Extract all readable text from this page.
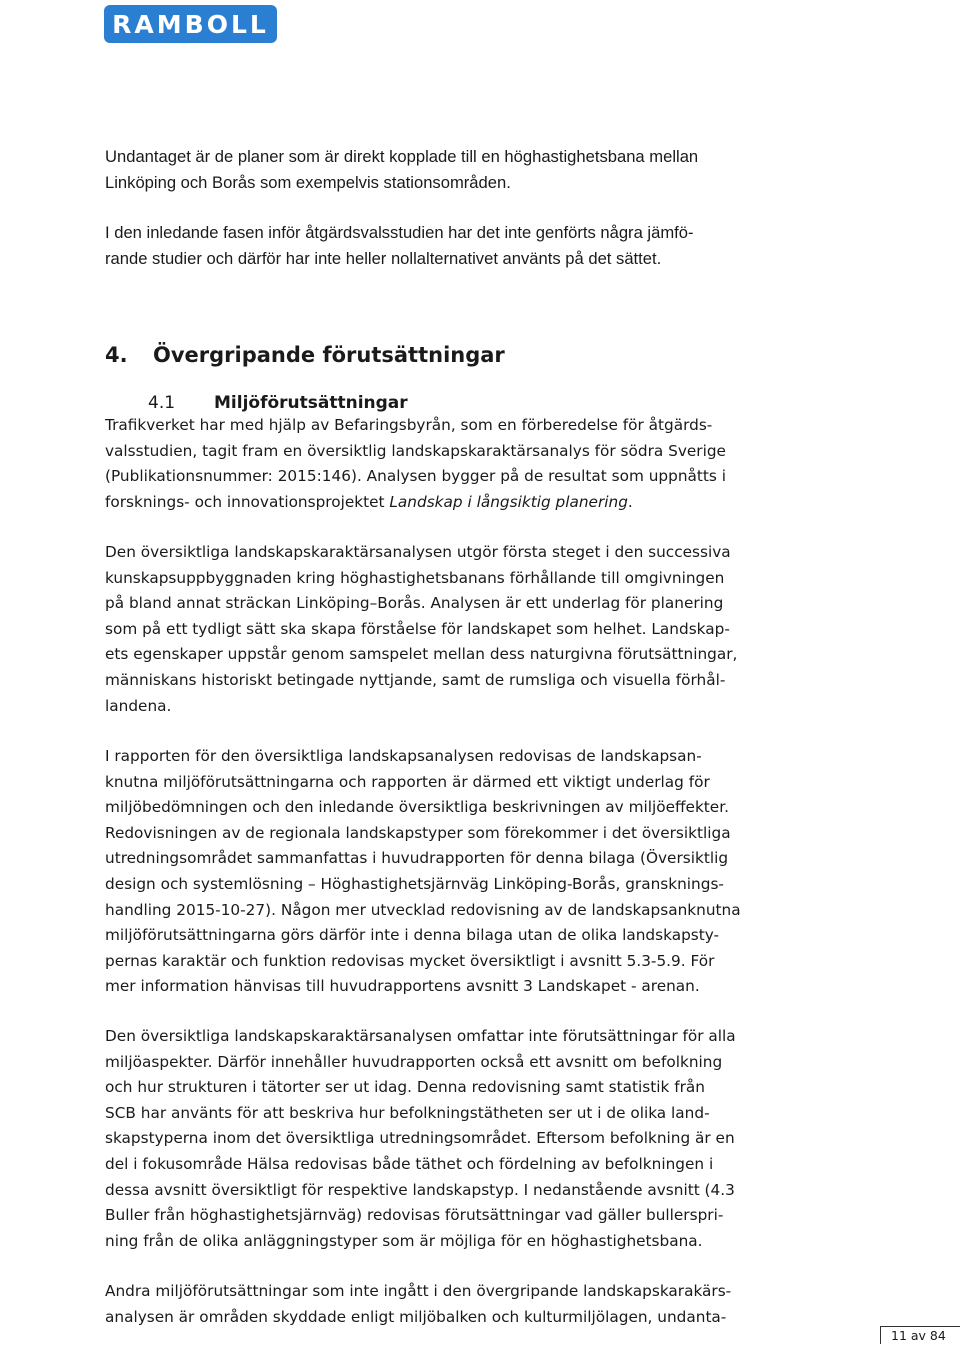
RAMBOLL

Undantaget är de planer som är direkt kopplade till en höghastighetsbana mellan

Linköping och Borås som exempelvis stationsområden.

I den inledande fasen inför åtgärdsvalsstudien har det inte genförts några jämfö-

rande studier och därför har inte heller nollalternativet använts på det sättet.

4. Övergripande förutsättningar
4.1 Miljöförutsättningar

Trafikverket har med hjälp av Befaringsbyrån, som en förberedelse för åtgärds-

valsstudien, tagit fram en översiktlig landskapskaraktärsanalys för södra Sverige

(Publikationsnummer: 2015:146). Analysen bygger på de resultat som uppnåtts i

forsknings- och innovationsprojektet Landskap i långsiktig planering.

Den översiktliga landskapskaraktärsanalysen utgör första steget i den successiva

kunskapsuppbyggnaden kring höghastighetsbanans förhållande till omgivningen

på bland annat sträckan Linköping–Borås. Analysen är ett underlag för planering

som på ett tydligt sätt ska skapa förståelse för landskapet som helhet. Landskap-

ets egenskaper uppstår genom samspelet mellan dess naturgivna förutsättningar,

människans historiskt betingade nyttjande, samt de rumsliga och visuella förhål-

landena.

I rapporten för den översiktliga landskapsanalysen redovisas de landskapsan-

knutna miljöförutsättningarna och rapporten är därmed ett viktigt underlag för

miljöbedömningen och den inledande översiktliga beskrivningen av miljöeffekter.

Redovisningen av de regionala landskapstyper som förekommer i det översiktliga

utredningsområdet sammanfattas i huvudrapporten för denna bilaga (Översiktlig

design och systemlösning – Höghastighetsjärnväg Linköping-Borås, gransknings-

handling 2015-10-27). Någon mer utvecklad redovisning av de landskapsanknutna

miljöförutsättningarna görs därför inte i denna bilaga utan de olika landskapsty-

pernas karaktär och funktion redovisas mycket översiktligt i avsnitt 5.3-5.9. För

mer information hänvisas till huvudrapportens avsnitt 3 Landskapet - arenan.

Den översiktliga landskapskaraktärsanalysen omfattar inte förutsättningar för alla

miljöaspekter. Därför innehåller huvudrapporten också ett avsnitt om befolkning

och hur strukturen i tätorter ser ut idag. Denna redovisning samt statistik från

SCB har använts för att beskriva hur befolkningstätheten ser ut i de olika land-

skapstyperna inom det översiktliga utredningsområdet. Eftersom befolkning är en

del i fokusområde Hälsa redovisas både täthet och fördelning av befolkningen i

dessa avsnitt översiktligt för respektive landskapstyp. I nedanstående avsnitt (4.3

Buller från höghastighetsjärnväg) redovisas förutsättningar vad gäller bullerspri-

ning från de olika anläggningstyper som är möjliga för en höghastighetsbana.

Andra miljöförutsättningar som inte ingått i den övergripande landskapskarakärs-

analysen är områden skyddade enligt miljöbalken och kulturmiljölagen, undanta-

11 av 84
